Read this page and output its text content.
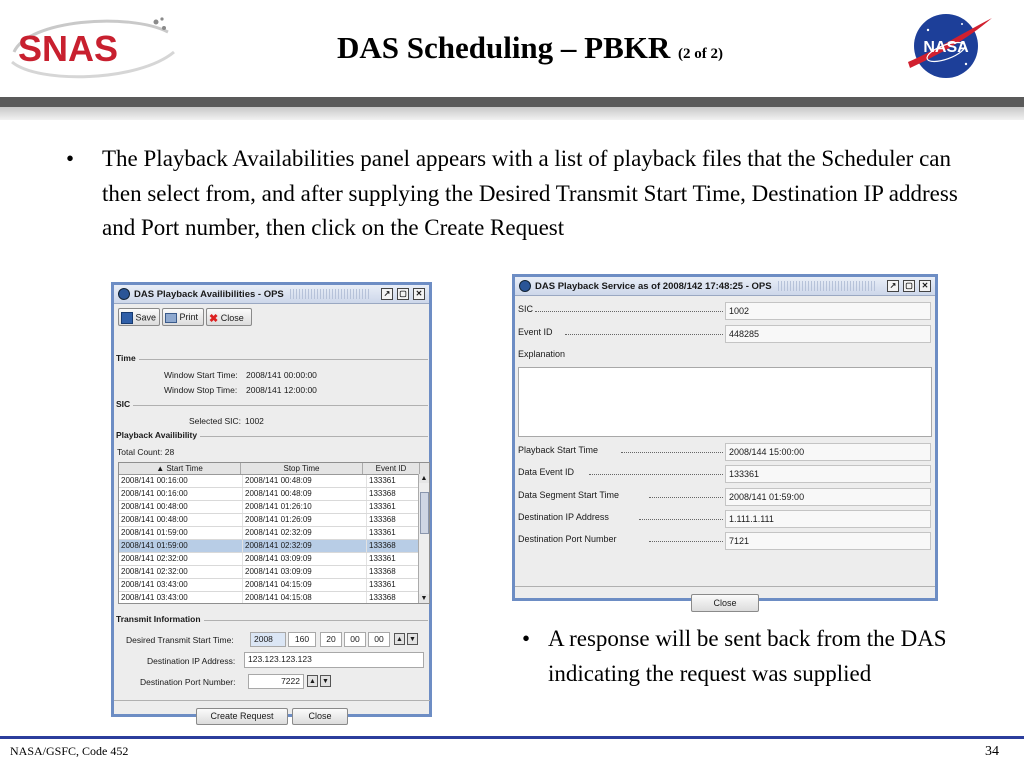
SNAS	DAS Scheduling – PBKR (2 of 2)	NASA
• The Playback Availabilities panel appears with a list of playback files that the Scheduler can then select from, and after supplying the Desired Transmit Start Time, Destination IP address and Port number, then click on the Create Request
DAS Playback Availibilities - OPS	↗	▢	✕
Save	Print ✖ Close
Time
Window Start Time: 2008/141 00:00:00
Window Stop Time: 2008/141 12:00:00
SIC
Selected SIC: 1002
Playback Availibility
Total Count: 28
▲ Start Time	Stop Time	Event ID
2008/141 00:16:00	2008/141 00:48:09	133361
2008/141 00:16:00	2008/141 00:48:09	133368
2008/141 00:48:00	2008/141 01:26:10	133361
2008/141 00:48:00	2008/141 01:26:09	133368
2008/141 01:59:00	2008/141 02:32:09	133361
2008/141 01:59:00	2008/141 02:32:09	133368
2008/141 02:32:00	2008/141 03:09:09	133361
2008/141 02:32:00	2008/141 03:09:09	133368
2008/141 03:43:00	2008/141 04:15:09	133361
2008/141 03:43:00	2008/141 04:15:08	133368
▲
▼
Transmit Information
Desired Transmit Start Time:	2008	160	20	00	00	▲ ▼
Destination IP Address:	123.123.123.123
Destination Port Number:	7222	▲ ▼
Create Request	Close
DAS Playback Service as of 2008/142 17:48:25 - OPS	↗	▢	✕
SIC	1002
Event ID	448285
Explanation
Playback Start Time	2008/144 15:00:00
Data Event ID	133361
Data Segment Start Time	2008/141 01:59:00
Destination IP Address	1.111.1.111
Destination Port Number	7121
Close
• A response will be sent back from the DAS indicating the request was supplied
NASA/GSFC, Code 452	34
